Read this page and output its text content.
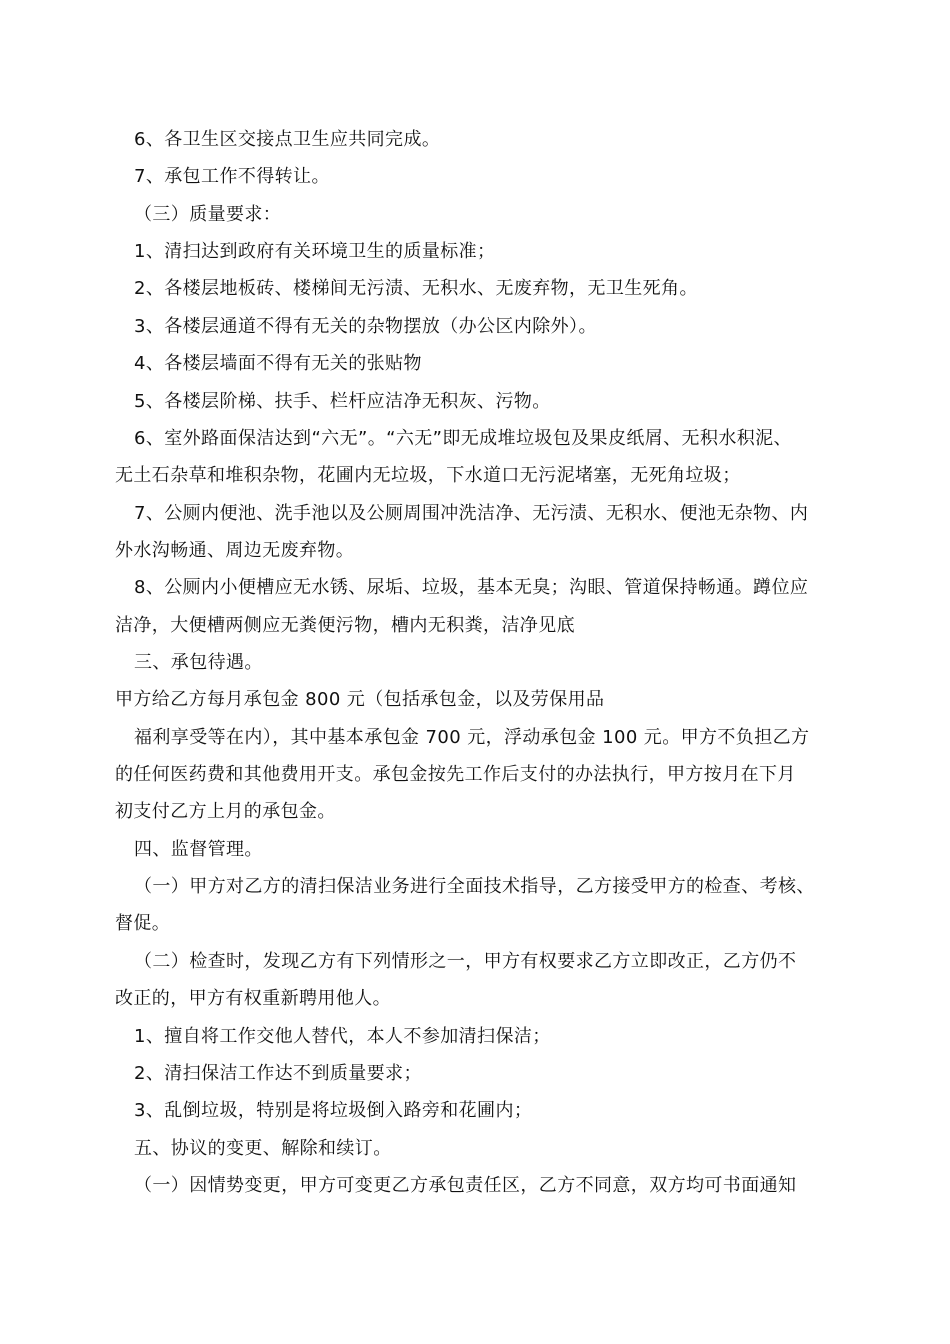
6、各卫生区交接点卫生应共同完成。
7、承包工作不得转让。
（三）质量要求：
1、清扫达到政府有关环境卫生的质量标准；
2、各楼层地板砖、楼梯间无污渍、无积水、无废弃物，无卫生死角。
3、各楼层通道不得有无关的杂物摆放（办公区内除外）。
4、各楼层墙面不得有无关的张贴物
5、各楼层阶梯、扶手、栏杆应洁净无积灰、污物。
6、室外路面保洁达到“六无”。“六无”即无成堆垃圾包及果皮纸屑、无积水积泥、
无土石杂草和堆积杂物，花圃内无垃圾，下水道口无污泥堵塞，无死角垃圾；
7、公厕内便池、洗手池以及公厕周围冲洗洁净、无污渍、无积水、便池无杂物、内
外水沟畅通、周边无废弃物。
8、公厕内小便槽应无水锈、尿垢、垃圾，基本无臭；沟眼、管道保持畅通。蹲位应
洁净，大便槽两侧应无粪便污物，槽内无积粪，洁净见底
三、承包待遇。
甲方给乙方每月承包金 800 元（包括承包金，以及劳保用品
福利享受等在内），其中基本承包金 700 元，浮动承包金 100 元。甲方不负担乙方
的任何医药费和其他费用开支。承包金按先工作后支付的办法执行，甲方按月在下月
初支付乙方上月的承包金。
四、监督管理。
（一）甲方对乙方的清扫保洁业务进行全面技术指导，乙方接受甲方的检查、考核、
督促。
（二）检查时，发现乙方有下列情形之一，甲方有权要求乙方立即改正，乙方仍不
改正的，甲方有权重新聘用他人。
1、擅自将工作交他人替代，本人不参加清扫保洁；
2、清扫保洁工作达不到质量要求；
3、乱倒垃圾，特别是将垃圾倒入路旁和花圃内；
五、协议的变更、解除和续订。
（一）因情势变更，甲方可变更乙方承包责任区，乙方不同意，双方均可书面通知
